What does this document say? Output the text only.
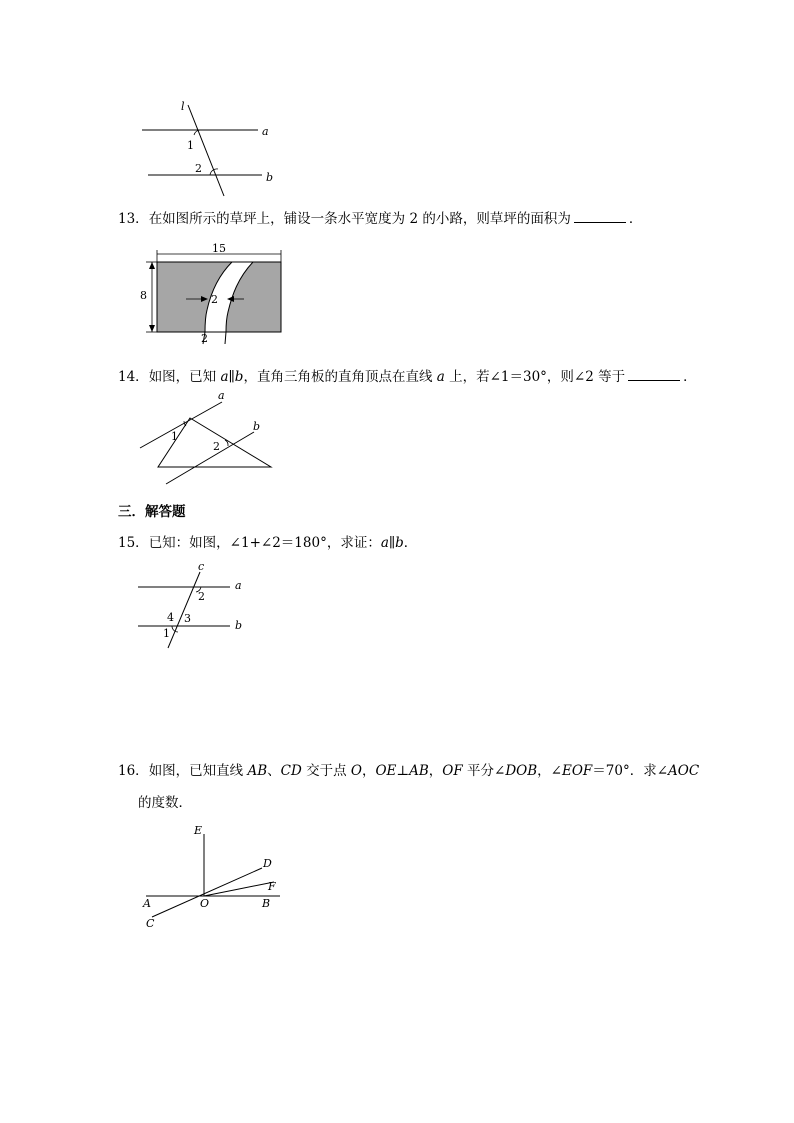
l
a
b
1
2
13．在如图所示的草坪上，铺设一条水平宽度为 2 的小路，则草坪的面积为	．
15
8	2
2
14．如图，已知 a∥b，直角三角板的直角顶点在直线 a 上，若∠1＝30°，则∠2 等于	．
a
b
1
2
三．解答题
15．已知：如图，∠1+∠2＝180°，求证：a∥b．
c
a
b
2
4 3
1
16．如图，已知直线 AB、CD 交于点 O，OE⊥AB，OF 平分∠DOB，∠EOF＝70°．求∠AOC
的度数．
E
D
F
A	O	B
C
